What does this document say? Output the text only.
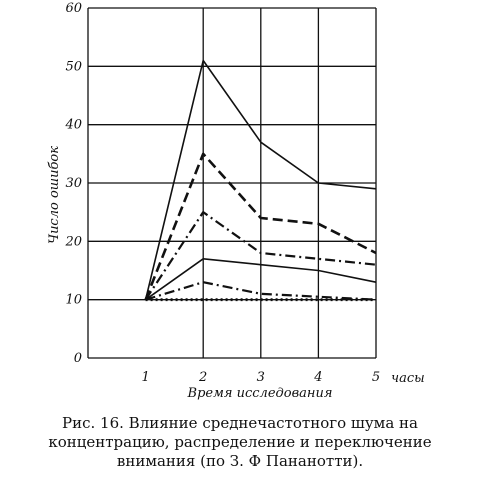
0
10
20
30
40
50
60
1	2	3	4	5
Число ошибок
Время исследования
часы
Рис. 16. Влияние среднечастотного шума на
концентрацию, распределение и переключение
внимания (по З. Ф Пананотти).
